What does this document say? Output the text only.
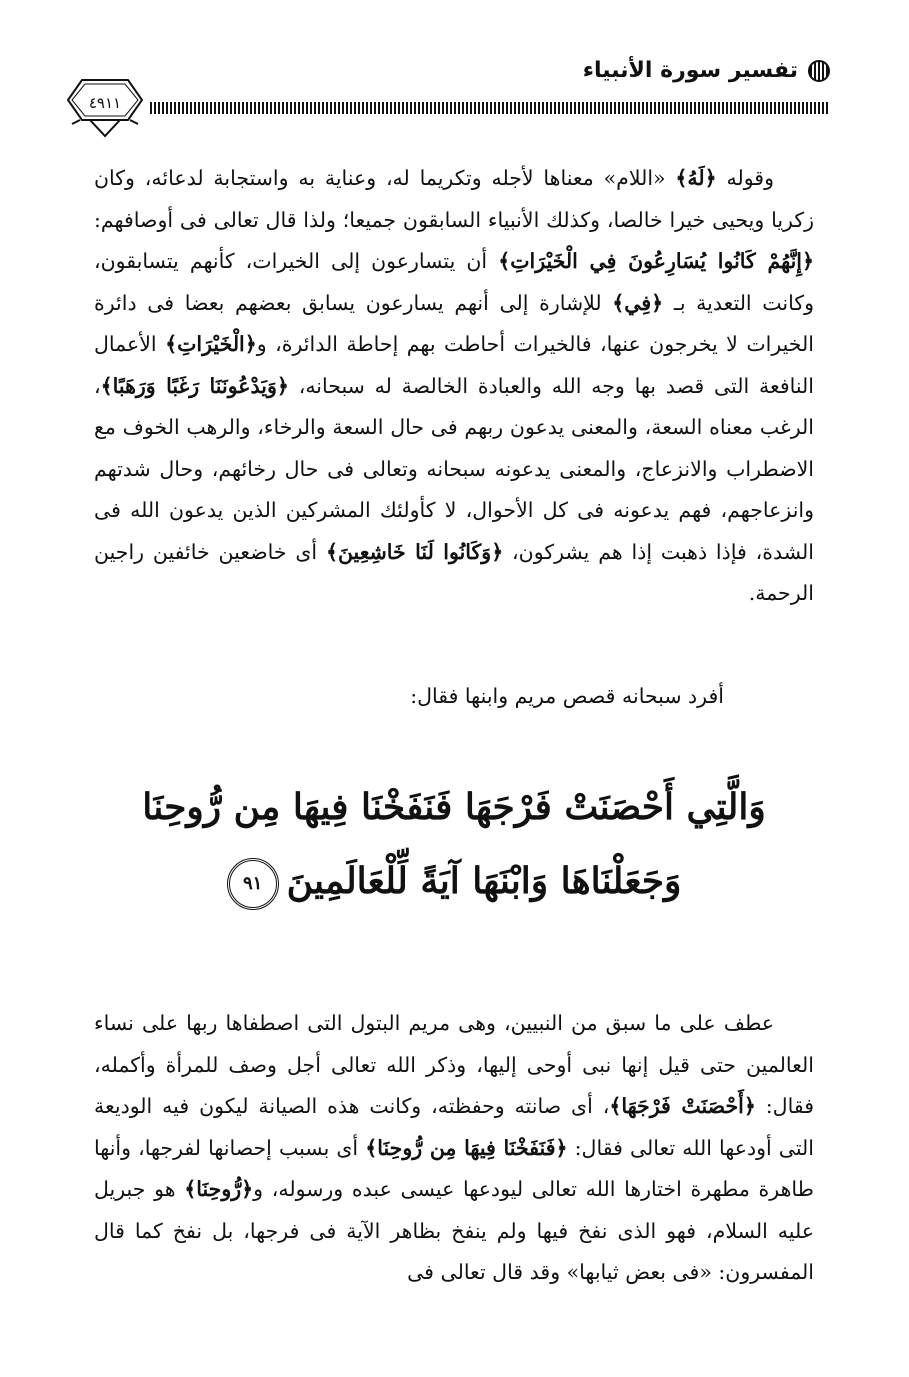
تفسير سورة الأنبياء
٤٩١١

وقوله ﴿لَهُ﴾ «اللام» معناها لأجله وتكريما له، وعناية به واستجابة لدعائه، وكان زكريا ويحيى خيرا خالصا، وكذلك الأنبياء السابقون جميعا؛ ولذا قال تعالى فى أوصافهم: ﴿إِنَّهُمْ كَانُوا يُسَارِعُونَ فِي الْخَيْرَاتِ﴾ أن يتسارعون إلى الخيرات، كأنهم يتسابقون، وكانت التعدية بـ ﴿فِي﴾ للإشارة إلى أنهم يسارعون يسابق بعضهم بعضا فى دائرة الخيرات لا يخرجون عنها، فالخيرات أحاطت بهم إحاطة الدائرة، و﴿الْخَيْرَاتِ﴾ الأعمال النافعة التى قصد بها وجه الله والعبادة الخالصة له سبحانه، ﴿وَيَدْعُونَنَا رَغَبًا وَرَهَبًا﴾، الرغب معناه السعة، والمعنى يدعون ربهم فى حال السعة والرخاء، والرهب الخوف مع الاضطراب والانزعاج، والمعنى يدعونه سبحانه وتعالى فى حال رخائهم، وحال شدتهم وانزعاجهم، فهم يدعونه فى كل الأحوال، لا كأولئك المشركين الذين يدعون الله فى الشدة، فإذا ذهبت إذا هم يشركون، ﴿وَكَانُوا لَنَا خَاشِعِينَ﴾ أى خاضعين خائفين راجين الرحمة.

أفرد سبحانه قصص مريم وابنها فقال:

وَالَّتِي أَحْصَنَتْ فَرْجَهَا فَنَفَخْنَا فِيهَا مِن رُّوحِنَا
وَجَعَلْنَاهَا وَابْنَهَا آيَةً لِّلْعَالَمِينَ٩١

عطف على ما سبق من النبيين، وهى مريم البتول التى اصطفاها ربها على نساء العالمين حتى قيل إنها نبى أوحى إليها، وذكر الله تعالى أجل وصف للمرأة وأكمله، فقال: ﴿أَحْصَنَتْ فَرْجَهَا﴾، أى صانته وحفظته، وكانت هذه الصيانة ليكون فيه الوديعة التى أودعها الله تعالى فقال: ﴿فَنَفَخْنَا فِيهَا مِن رُّوحِنَا﴾ أى بسبب إحصانها لفرجها، وأنها طاهرة مطهرة اختارها الله تعالى ليودعها عيسى عبده ورسوله، و﴿رُّوحِنَا﴾ هو جبريل عليه السلام، فهو الذى نفخ فيها ولم ينفخ بظاهر الآية فى فرجها، بل نفخ كما قال المفسرون: «فى بعض ثيابها» وقد قال تعالى فى
